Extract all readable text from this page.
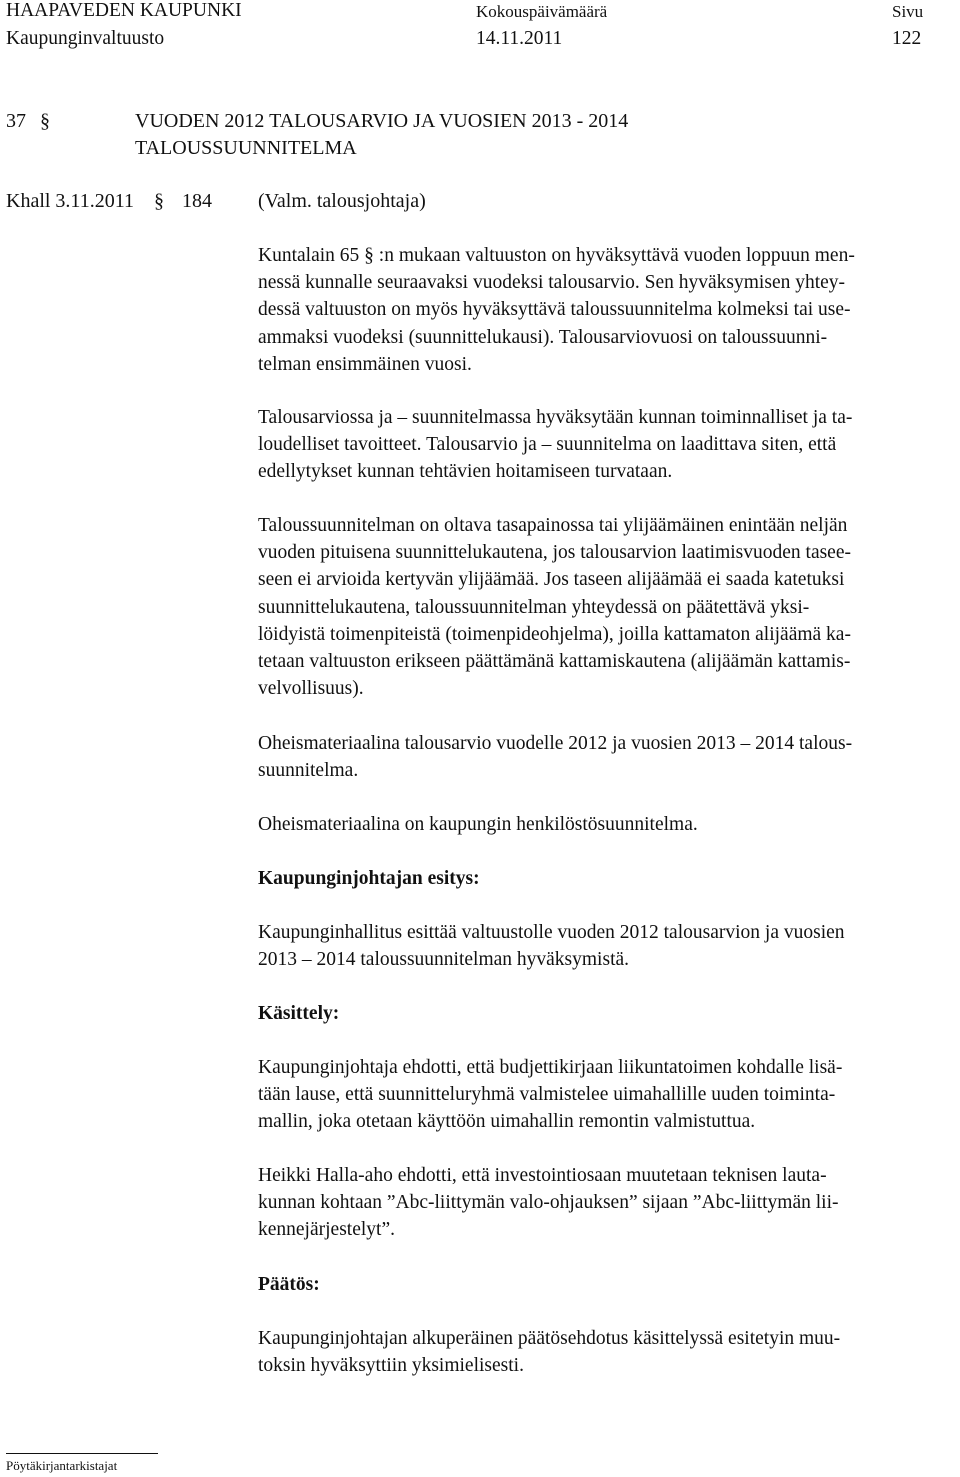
HAAPAVEDEN KAUPUNKI
Kaupunginvaltuusto
Kokouspäivämäärä
14.11.2011
Sivu
122
37 §	VUODEN 2012 TALOUSARVIO JA VUOSIEN 2013 - 2014
TALOUSSUUNNITELMA
Khall 3.11.2011 § 184 (Valm. talousjohtaja)
Kuntalain 65 § :n mukaan valtuuston on hyväksyttävä vuoden loppuun men-
nessä kunnalle seuraavaksi vuodeksi talousarvio. Sen hyväksymisen yhtey-
dessä valtuuston on myös hyväksyttävä taloussuunnitelma kolmeksi tai use-
ammaksi vuodeksi (suunnittelukausi). Talousarviovuosi on taloussuunni-
telman ensimmäinen vuosi.
Talousarviossa ja – suunnitelmassa hyväksytään kunnan toiminnalliset ja ta-
loudelliset tavoitteet. Talousarvio ja – suunnitelma on laadittava siten, että
edellytykset kunnan tehtävien hoitamiseen turvataan.
Taloussuunnitelman on oltava tasapainossa tai ylijäämäinen enintään neljän
vuoden pituisena suunnittelukautena, jos talousarvion laatimisvuoden tasee-
seen ei arvioida kertyvän ylijäämää. Jos taseen alijäämää ei saada katetuksi
suunnittelukautena, taloussuunnitelman yhteydessä on päätettävä yksi-
löidyistä toimenpiteistä (toimenpideohjelma), joilla kattamaton alijäämä ka-
tetaan valtuuston erikseen päättämänä kattamiskautena (alijäämän kattamis-
velvollisuus).
Oheismateriaalina talousarvio vuodelle 2012 ja vuosien 2013 – 2014 talous-
suunnitelma.
Oheismateriaalina on kaupungin henkilöstösuunnitelma.
Kaupunginjohtajan esitys:
Kaupunginhallitus esittää valtuustolle vuoden 2012 talousarvion ja vuosien
2013 – 2014 taloussuunnitelman hyväksymistä.
Käsittely:
Kaupunginjohtaja ehdotti, että budjettikirjaan liikuntatoimen kohdalle lisä-
tään lause, että suunnitteluryhmä valmistelee uimahallille uuden toiminta-
mallin, joka otetaan käyttöön uimahallin remontin valmistuttua.
Heikki Halla-aho ehdotti, että investointiosaan muutetaan teknisen lauta-
kunnan kohtaan ”Abc-liittymän valo-ohjauksen” sijaan ”Abc-liittymän lii-
kennejärjestelyt”.
Päätös:
Kaupunginjohtajan alkuperäinen päätösehdotus käsittelyssä esitetyin muu-
toksin hyväksyttiin yksimielisesti.
Pöytäkirjantarkistajat
